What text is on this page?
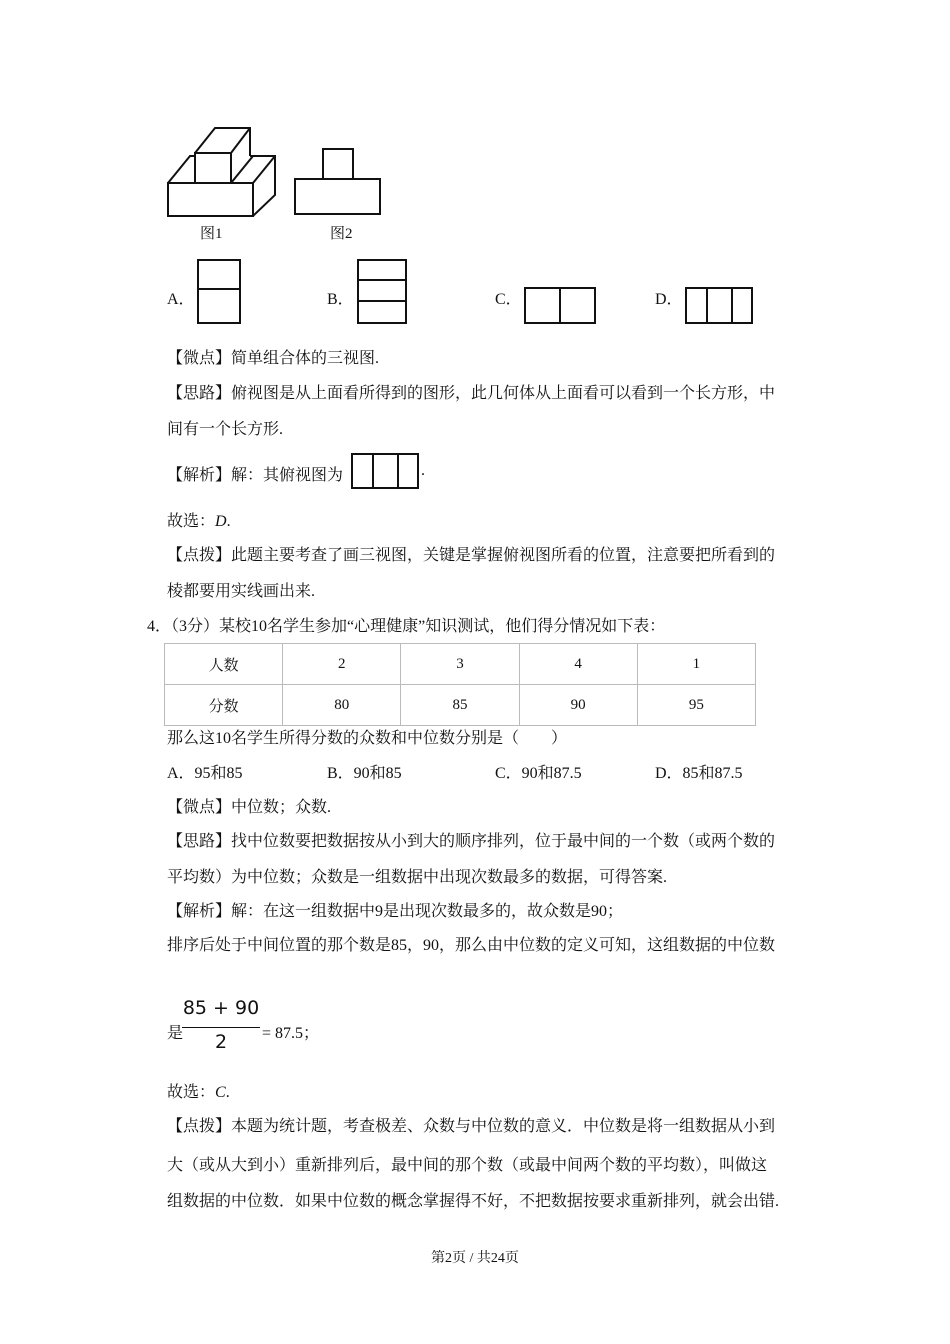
图1	图2
A．	B．	C．	D．
【微点】简单组合体的三视图.
【思路】俯视图是从上面看所得到的图形，此几何体从上面看可以看到一个长方形，中
间有一个长方形.
【解析】解：其俯视图为	.
故选：D.
【点拨】此题主要考查了画三视图，关键是掌握俯视图所看的位置，注意要把所看到的
棱都要用实线画出来.
4．（3分）某校10名学生参加“心理健康”知识测试，他们得分情况如下表：
人数	2	3	4	1
分数	80	85	90	95
那么这10名学生所得分数的众数和中位数分别是（　　）
A．95和85	B．90和85	C．90和87.5	D．85和87.5
【微点】中位数；众数.
【思路】找中位数要把数据按从小到大的顺序排列，位于最中间的一个数（或两个数的
平均数）为中位数；众数是一组数据中出现次数最多的数据，可得答案.
【解析】解：在这一组数据中9是出现次数最多的，故众数是90；
排序后处于中间位置的那个数是85，90，那么由中位数的定义可知，这组数据的中位数
是
85 + 90
2	= 87.5；
故选：C.
【点拨】本题为统计题，考查极差、众数与中位数的意义．中位数是将一组数据从小到
大（或从大到小）重新排列后，最中间的那个数（或最中间两个数的平均数），叫做这
组数据的中位数．如果中位数的概念掌握得不好，不把数据按要求重新排列，就会出错.
第2页 / 共24页
